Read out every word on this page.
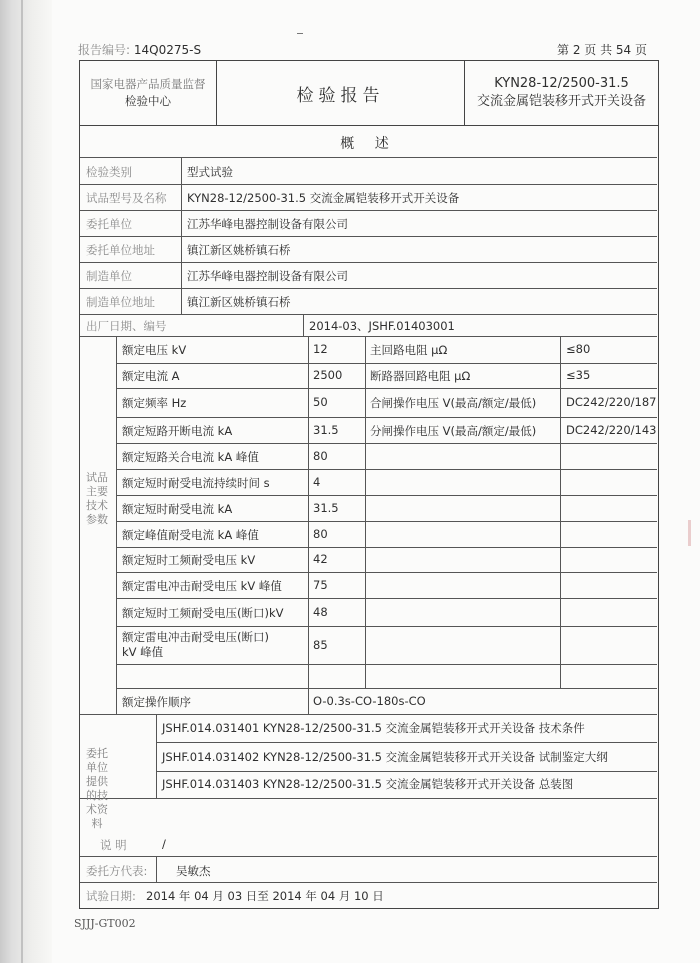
报告编号: 14Q0275-S	第 2 页 共 54 页
国家电器产品质量监督
检验中心	检验报告
KYN28-12/2500-31.5
交流金属铠装移开式开关设备
概 述
检验类别	型式试验
试品型号及名称 KYN28-12/2500-31.5 交流金属铠装移开式开关设备
委托单位	江苏华峰电器控制设备有限公司
委托单位地址	镇江新区姚桥镇石桥
制造单位	江苏华峰电器控制设备有限公司
制造单位地址	镇江新区姚桥镇石桥
出厂日期、编号	2014-03、JSHF.01403001
试品主要技术参数
额定电压 kV	12	主回路电阻 μΩ	≤80
额定电流 A	2500 断路器回路电阻 μΩ	≤35
额定频率 Hz	50	合闸操作电压 V(最高/额定/最低)	DC242/220/187
额定短路开断电流 kA	31.5	分闸操作电压 V(最高/额定/最低)	DC242/220/143
额定短路关合电流 kA 峰值	80
额定短时耐受电流持续时间 s	4
额定短时耐受电流 kA	31.5
额定峰值耐受电流 kA 峰值	80
额定短时工频耐受电压 kV	42
额定雷电冲击耐受电压 kV 峰值	75
额定短时工频耐受电压(断口)kV	48
额定雷电冲击耐受电压(断口)
kV 峰值	85
额定操作顺序	O-0.3s-CO-180s-CO
委托单位提供的技术资料
JSHF.014.031401 KYN28-12/2500-31.5 交流金属铠装移开式开关设备 技术条件
JSHF.014.031402 KYN28-12/2500-31.5 交流金属铠装移开式开关设备 试制鉴定大纲
JSHF.014.031403 KYN28-12/2500-31.5 交流金属铠装移开式开关设备 总装图
说 明	/
委托方代表: 吴敏杰
试验日期: 2014 年 04 月 03 日至 2014 年 04 月 10 日
SJJJ-GT002
